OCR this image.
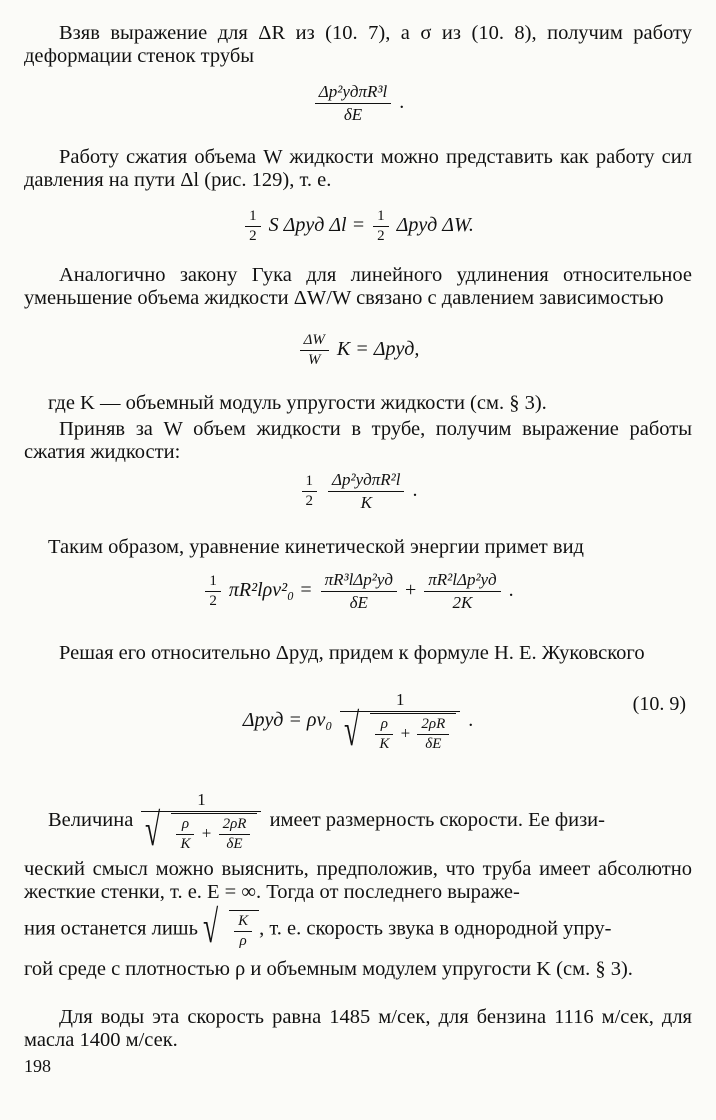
Взяв выражение для ΔR из (10. 7), а σ из (10. 8), получим работу деформации стенок трубы
$\frac{\text{Δp²удπR³l}}{\delta E}$ .
Работу сжатия объема W жидкости можно представить как работу сил давления на пути Δl (рис. 129), т. е.
$\frac{1}{2}$ S Δpуд $\Delta l = \frac{1}{2}$ Δpуд ΔW.
Аналогично закону Гука для линейного удлинения относительное уменьшение объема жидкости ΔW/W связано с давлением зависимостью
$\frac{\Delta W}{W}$ K = Δpуд,
где K — объемный модуль упругости жидкости (см. § 3).
Приняв за W объем жидкости в трубе, получим выражение работы сжатия жидкости:
$\frac{1}{2}$
$\frac{\text{Δp²удπR²l}}{K}$ .
Таким образом, уравнение кинетической энергии примет вид
$\frac{1}{2} \pi R^2l\rho v^2_0 = \frac{\text{πR³lΔp²уд}}{\delta E} + \frac{\text{πR²lΔp²уд}}{2K}$ .
Решая его относительно Δpуд, придем к формуле Н. Е. Жуковского
$\Delta pуд = \rho v_0 \frac{1}{√ \frac{\rho}{K} + \frac{2\rho R}{\delta E}}$ .
(10. 9)
Величина $\frac{1}{√ \frac{\rho}{K} + \frac{2\rho R}{\delta E}}$ имеет размерность скорости. Ее физи-
ческий смысл можно выяснить, предположив, что труба имеет абсолютно жесткие стенки, т. е. E = ∞. Тогда от последнего выраже-
ния останется лишь √ $\frac{K}{\rho}$ , т. е. скорость звука в однородной упру-
гой среде с плотностью ρ и объемным модулем упругости K (см. § 3).
Для воды эта скорость равна 1485 м/сек, для бензина 1116 м/сек, для масла 1400 м/сек.
198
